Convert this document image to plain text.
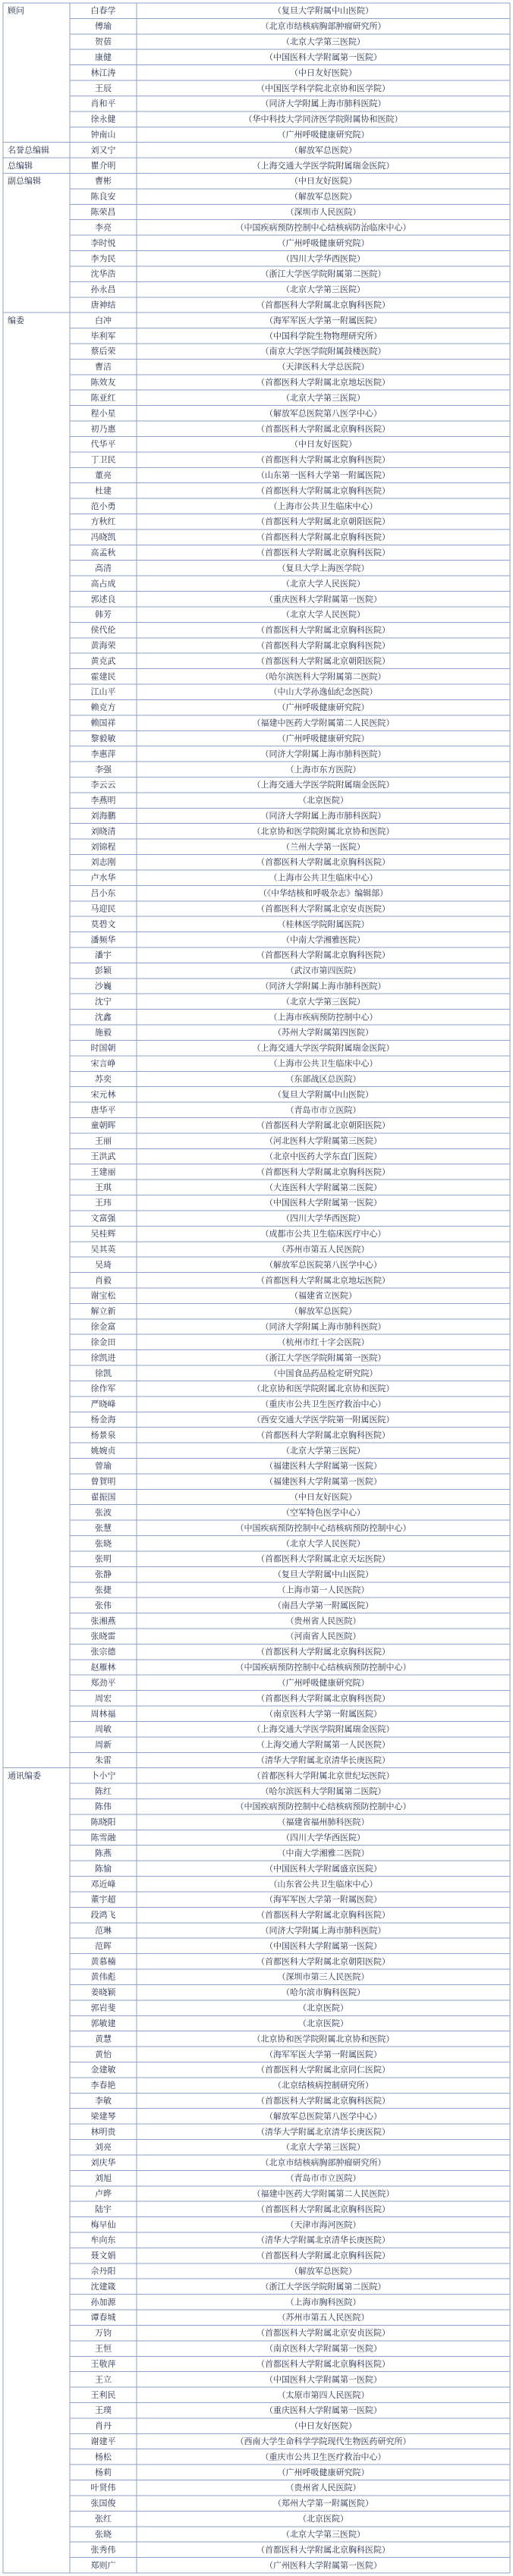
顾问	白春学	（复旦大学附属中山医院）
傅瑜	（北京市结核病胸部肿瘤研究所）
贺蓓	（北京大学第三医院）
康健	（中国医科大学附属第一医院）
林江涛	（中日友好医院）
王辰	（中国医学科学院北京协和医学院）
肖和平	（同济大学附属上海市肺科医院）
徐永健	（华中科技大学同济医学院附属协和医院）
钟南山	（广州呼吸健康研究院）
名誉总编辑	刘又宁	（解放军总医院）
总编辑	瞿介明	（上海交通大学医学院附属瑞金医院）
副总编辑	曹彬	（中日友好医院）
陈良安	（解放军总医院）
陈荣昌	（深圳市人民医院）
李亮	（中国疾病预防控制中心结核病防治临床中心）
李时悦	（广州呼吸健康研究院）
李为民	（四川大学华西医院）
沈华浩	（浙江大学医学院附属第二医院）
孙永昌	（北京大学第三医院）
唐神结	（首都医科大学附属北京胸科医院）
编委	白冲	（海军军医大学第一附属医院）
毕利军	（中国科学院生物物理研究所）
蔡后荣	（南京大学医学院附属鼓楼医院）
曹洁	（天津医科大学总医院）
陈效友	（首都医科大学附属北京地坛医院）
陈亚红	（北京大学第三医院）
程小星	（解放军总医院第八医学中心）
初乃惠	（首都医科大学附属北京胸科医院）
代华平	（中日友好医院）
丁卫民	（首都医科大学附属北京胸科医院）
董亮	（山东第一医科大学第一附属医院）
杜建	（首都医科大学附属北京胸科医院）
范小勇	（上海市公共卫生临床中心）
方秋红	（首都医科大学附属北京朝阳医院）
冯晓凯	（首都医科大学附属北京胸科医院）
高孟秋	（首都医科大学附属北京胸科医院）
高清	（复旦大学上海医学院）
高占成	（北京大学人民医院）
郭述良	（重庆医科大学附属第一医院）
韩芳	（北京大学人民医院）
侯代伦	（首都医科大学附属北京胸科医院）
黄海荣	（首都医科大学附属北京胸科医院）
黄克武	（首都医科大学附属北京朝阳医院）
霍建民	（哈尔滨医科大学附属第二医院）
江山平	（中山大学孙逸仙纪念医院）
赖克方	（广州呼吸健康研究院）
赖国祥	（福建中医药大学附属第二人民医院）
黎毅敏	（广州呼吸健康研究院）
李惠萍	（同济大学附属上海市肺科医院）
李强	（上海市东方医院）
李云云	（上海交通大学医学院附属瑞金医院）
李燕明	（北京医院）
刘海鹏	（同济大学附属上海市肺科医院）
刘晓清	（北京协和医学院附属北京协和医院）
刘锦程	（兰州大学第一医院）
刘志刚	（首都医科大学附属北京胸科医院）
卢水华	（上海市公共卫生临床中心）
吕小东	（《中华结核和呼吸杂志》编辑部）
马迎民	（首都医科大学附属北京安贞医院）
莫碧文	（桂林医学院附属医院）
潘频华	（中南大学湘雅医院）
潘宇	（首都医科大学附属北京胸科医院）
彭颖	（武汉市第四医院）
沙巍	（同济大学附属上海市肺科医院）
沈宁	（北京大学第三医院）
沈鑫	（上海市疾病预防控制中心）
施毅	（苏州大学附属第四医院）
时国朝	（上海交通大学医学院附属瑞金医院）
宋言峥	（上海市公共卫生临床中心）
苏奕	（东部战区总医院）
宋元林	（复旦大学附属中山医院）
唐华平	（青岛市市立医院）
童朝晖	（首都医科大学附属北京朝阳医院）
王丽	（河北医科大学附属第三医院）
王洪武	（北京中医药大学东直门医院）
王建丽	（首都医科大学附属北京胸科医院）
王琪	（大连医科大学附属第二医院）
王玮	（中国医科大学附属第一医院）
文富强	（四川大学华西医院）
吴桂辉	（成都市公共卫生临床医疗中心）
吴其英	（苏州市第五人民医院）
吴琦	（解放军总医院第八医学中心）
肖毅	（首都医科大学附属北京地坛医院）
谢宝松	（福建省立医院）
解立新	（解放军总医院）
徐金富	（同济大学附属上海市肺科医院）
徐金田	（杭州市红十字会医院）
徐凯进	（浙江大学医学院附属第一医院）
徐凯	（中国食品药品检定研究院）
徐作军	（北京协和医学院附属北京协和医院）
严晓峰	（重庆市公共卫生医疗救治中心）
杨金海	（西安交通大学医学院第一附属医院）
杨景泉	（首都医科大学附属北京胸科医院）
姚婉贞	（北京大学第三医院）
曾瑜	（福建医科大学附属第一医院）
曾賀明	（福建医科大学附属第一医院）
翟振国	（中日友好医院）
张波	（空军特色医学中心）
张慧	（中国疾病预防控制中心结核病预防控制中心）
张晓	（北京大学人民医院）
张明	（首都医科大学附属北京天坛医院）
张静	（复旦大学附属中山医院）
张捷	（上海市第一人民医院）
张伟	（南昌大学第一附属医院）
张湘燕	（贵州省人民医院）
张晓雷	（河南省人民医院）
张宗德	（首都医科大学附属北京胸科医院）
赵雁林	（中国疾病预防控制中心结核病预防控制中心）
郑劲平	（广州呼吸健康研究院）
周宏	（首都医科大学附属北京胸科医院）
周林福	（南京医科大学第一附属医院）
周敏	（上海交通大学医学院附属瑞金医院）
周新	（上海交通大学附属第一人民医院）
朱雷	（清华大学附属北京清华长庚医院）
通讯编委	卜小宁	（首都医科大学附属北京世纪坛医院）
陈红	（哈尔滨医科大学附属第二医院）
陈伟	（中国疾病预防控制中心结核病预防控制中心）
陈晓阳	（福建省福州肺科医院）
陈雪融	（四川大学华西医院）
陈燕	（中南大学湘雅二医院）
陈愉	（中国医科大学附属盛京医院）
邓近峰	（山东省公共卫生临床中心）
董宇超	（海军军医大学第一附属医院）
段鸿飞	（首都医科大学附属北京胸科医院）
范琳	（同济大学附属上海市肺科医院）
范晖	（中国医科大学附属第一医院）
黄慕楠	（首都医科大学附属北京朝阳医院）
黄伟彪	（深圳市第三人民医院）
姜晓颖	（哈尔滨市胸科医院）
郭岩斐	（北京医院）
郭敏建	（北京医院）
黄慧	（北京协和医学院附属北京协和医院）
黄怡	（海军军医大学第一附属医院）
金建敏	（首都医科大学附属北京同仁医院）
李春艳	（北京结核病控制研究所）
李敏	（首都医科大学附属北京胸科医院）
梁建琴	（解放军总医院第八医学中心）
林明贵	（清华大学附属北京清华长庚医院）
刘亮	（北京大学第三医院）
刘庆华	（北京市结核病胸部肿瘤研究所）
刘旭	（青岛市市立医院）
卢晔	（福建中医药大学附属第二人民医院）
陆宇	（首都医科大学附属北京胸科医院）
梅早仙	（天津市海河医院）
牟向东	（清华大学附属北京清华长庚医院）
聂文娟	（首都医科大学附属北京胸科医院）
佘丹阳	（解放军总医院）
沈建箴	（浙江大学医学院附属第二医院）
孙加源	（上海市胸科医院）
谭春城	（苏州市第五人民医院）
万钧	（首都医科大学附属北京安贞医院）
王恒	（南京医科大学附属第一医院）
王敬萍	（首都医科大学附属北京胸科医院）
王立	（中国医科大学附属第一医院）
王利民	（太原市第四人民医院）
王璞	（重庆医科大学附属第一医院）
肖丹	（中日友好医院）
谢建平	（西南大学生命科学学院现代生物医药研究所）
杨松	（重庆市公共卫生医疗救治中心）
杨莉	（广州呼吸健康研究院）
叶贤伟	（贵州省人民医院）
张国俊	（郑州大学第一附属医院）
张红	（北京医院）
张晓	（北京大学第三医院）
张秀伟	（首都医科大学附属北京胸科医院）
郑则广	（广州医科大学附属第一医院）
